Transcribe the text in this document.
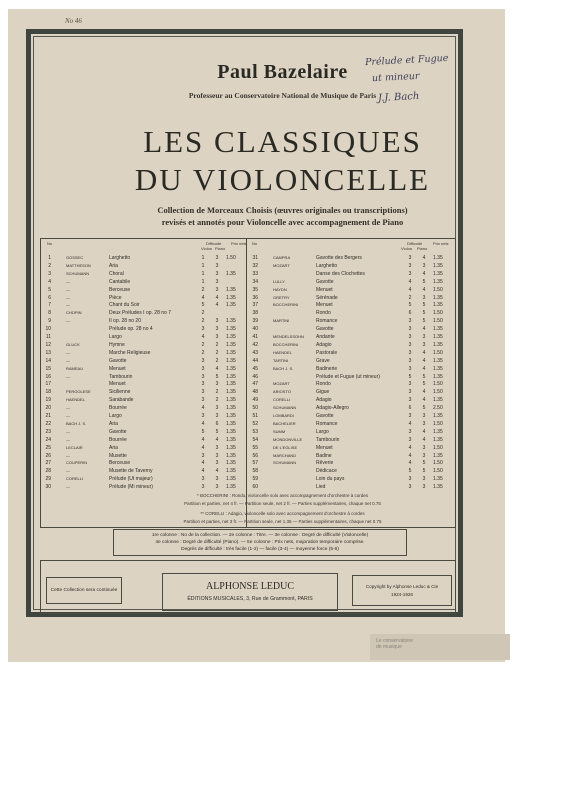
No 46
Paul Bazelaire
Professeur au Conservatoire National de Musique de Paris
LES CLASSIQUES
DU VIOLONCELLE
Collection de Morceaux Choisis (œuvres originales ou transcriptions)
revisés et annotés pour Violoncelle avec accompagnement de Piano
Prélude et Fugue
ut mineur
J.J. Bach
No	Difficulté
Violon Piano
Prix nets No	Difficulté
Violon Piano
Prix nets
1	GOSSEC	Larghetto	1	3	1.50
2	MATTHESON	Aria	1	3
3	SCHUMANN	Choral	1	3	1.35
4	—	Cantabile	1	3
5	—	Berceuse	2	3	1.35
6	—	Pièce	4	4	1.35
7	—	Chant du Soir	5	4	1.35
8	CHOPIN	Deux Préludes I op. 28 no 7	2
9	—	II op. 28 no 20	2	3	1.35
10	Prélude op. 28 no 4	3	3	1.35
11	Largo	4	3	1.35
12	GLUCK	Hymne	2	2	1.35
13	—	Marche Religieuse	2	2	1.35
14	—	Gavotte	3	2	1.35
15	RAMEAU	Menuet	3	4	1.35
16	—	Tambourin	3	5	1.35
17	Menuet	3	3	1.35
18	PERGOLESE	Sicilienne	3	2	1.35
19	HAENDEL	Sarabande	3	2	1.35
20	—	Bourrée	4	3	1.35
21	—	Largo	3	3	1.35
22	BACH J. S.	Aria	4	6	1.35
23	—	Gavotte	5	5	1.35
24	—	Bourrée	4	4	1.35
25	LECLAIR	Aria	4	3	1.35
26	—	Musette	3	3	1.35
27	COUPERIN	Berceuse	4	3	1.35
28	—	Musette de Taverny	4	4	1.35
29	CORELLI	Prélude (Ut majeur)	3	3	1.35
30	—	Prélude (Mi mineur)	3	3	1.35
31	CAMPRA	Gavotte des Bergers	3	4	1.35
32	MOZART	Larghetto	3	3	1.35
33	Danse des Clochettes	3	4	1.35
34	LULLY	Gavotte	4	5	1.35
35	HAYDN	Menuet	4	4	1.50
36	GRETRY	Sérénade	2	3	1.35
37	BOCCHERINI	Menuet	5	5	1.35
38	Rondo	6	5	1.50
39	MARTINI	Romance	3	5	1.50
40	Gavotte	3	4	1.35
41	MENDELSSOHN	Andante	3	3	1.35
42	BOCCHERINI	Adagio	3	3	1.35
43	HAENDEL	Pastorale	3	4	1.50
44	TARTINI	Grave	3	4	1.35
45	BACH J. S.	Badinerie	3	4	1.35
46	Prélude et Fugue (ut mineur)	5	5	1.35
47	MOZART	Rondo	3	5	1.50
48	ARIOSTO	Gigue	3	4	1.50
49	CORELLI	Adagio	3	4	1.35
50	SCHUMANN	Adagio-Allegro	6	5	2.50
51	LOMBARDI	Gavotte	3	3	1.35
52	BACHELIER	Romance	4	3	1.50
53	SUMM	Largo	3	4	1.35
54	MONDONVILLE	Tambourin	3	4	1.35
55	DE L'EGLISE	Menuet	4	3	1.50
56	MARCHAND	Badine	4	3	1.35
57	SCHUMANN	Rêverie	4	5	1.50
58	Dédicace	5	5	1.50
59	Loin du pays	3	3	1.35
60	Lied	3	3	1.35
* BOCCHERINI : Rondo, violoncelle solo avec accompagnement d'orchestre à cordes
Partition et parties, net 4 fr. — Partition seule, net 2 fr. — Parties supplémentaires, chaque net 0.75
** CORELLI : Adagio, violoncelle solo avec accompagnement d'orchestre à cordes
Partition et parties, net 3 fr. — Partition seule, net 1.35 — Parties supplémentaires, chaque net 0.75
1re colonne : No de la collection. — 2e colonne : Titre. — 3e colonne : Degré de difficulté (Violoncelle)
4e colonne : Degré de difficulté (Piano). — 5e colonne : Prix nets, majoration temporaire comprise.
Degrés de difficulté : très facile (1-2) — facile (3-4) — moyenne force (5-6)
Cette Collection sera continuée	ALPHONSE LEDUC
ÉDITIONS MUSICALES, 3, Rue de Grammont, PARIS
Copyright by Alphonse Leduc & Cie
1924-1926
Le conservatoire
de musique
